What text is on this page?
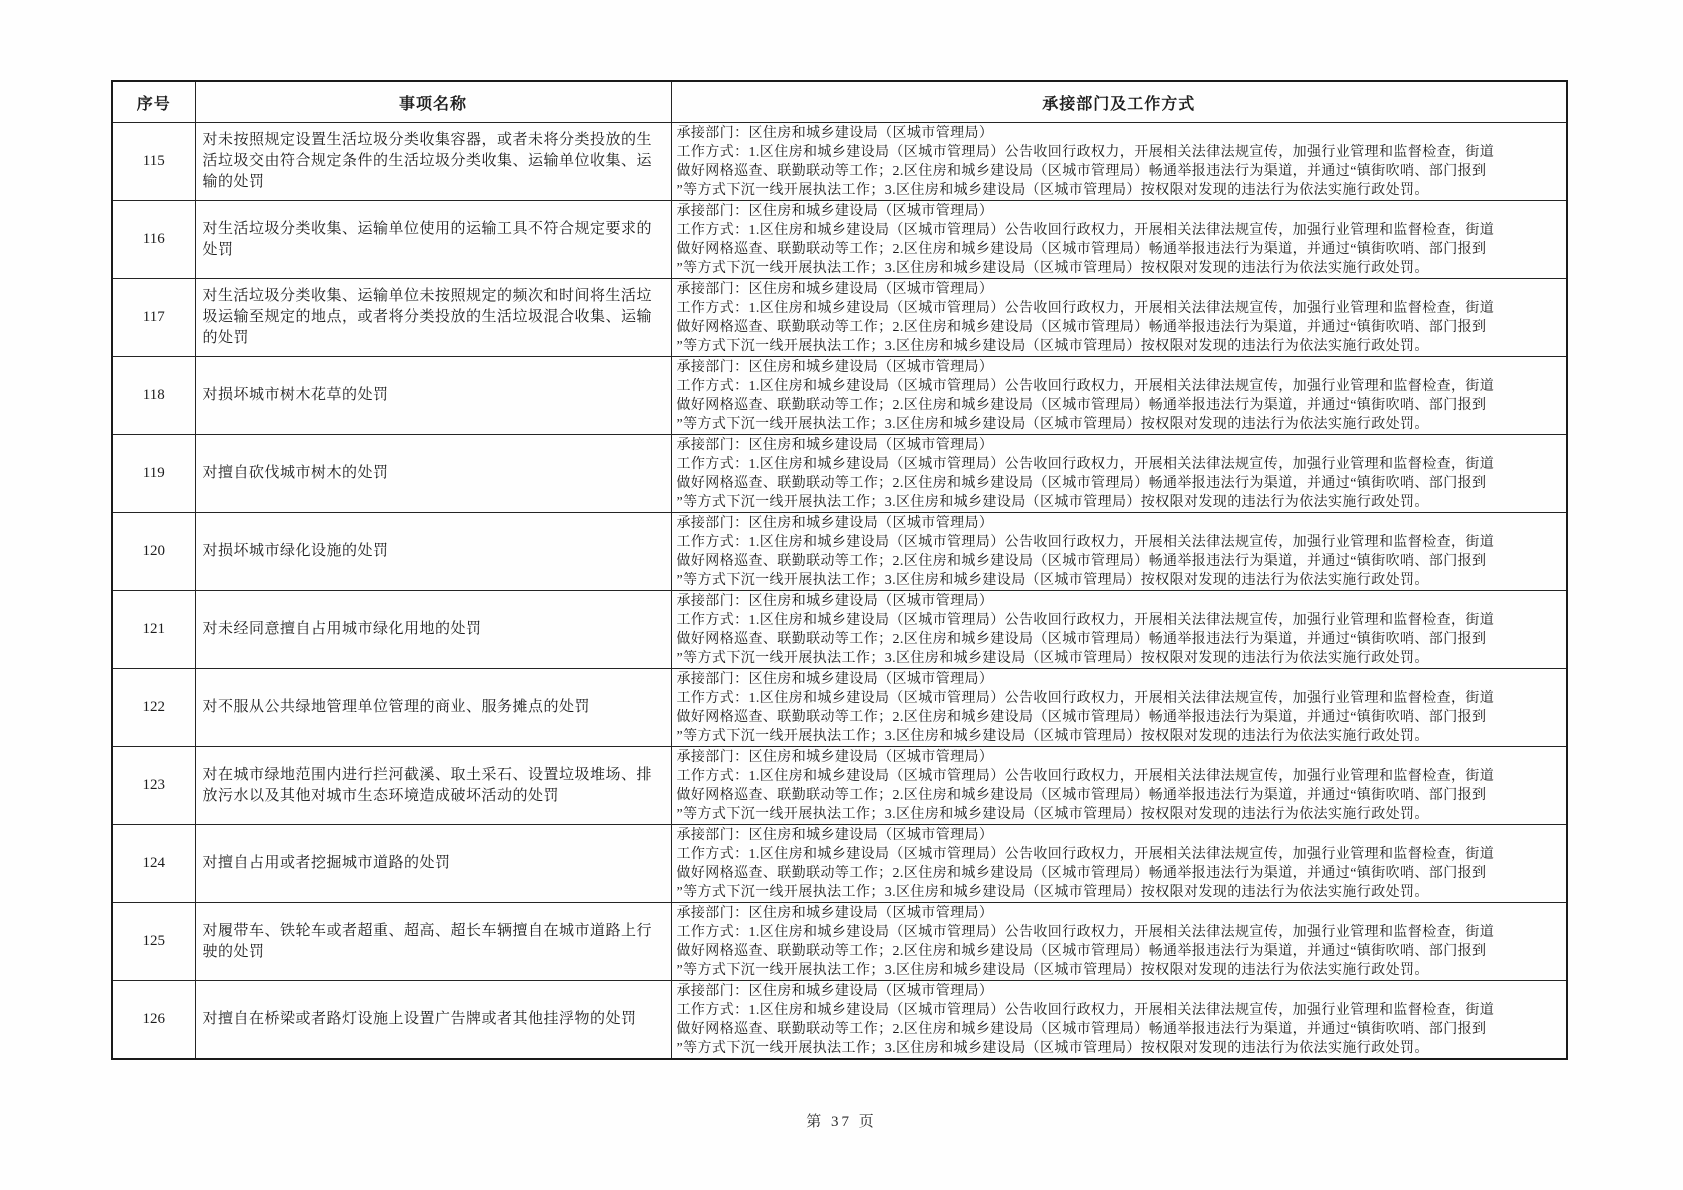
序号	事项名称	承接部门及工作方式
115	对未按照规定设置生活垃圾分类收集容器，或者未将分类投放的生活垃圾交由符合规定条件的生活垃圾分类收集、运输单位收集、运输的处罚	承接部门：区住房和城乡建设局（区城市管理局）
工作方式：1.区住房和城乡建设局（区城市管理局）公告收回行政权力，开展相关法律法规宣传，加强行业管理和监督检查，街道
做好网格巡查、联勤联动等工作；2.区住房和城乡建设局（区城市管理局）畅通举报违法行为渠道，并通过“镇街吹哨、部门报到
”等方式下沉一线开展执法工作；3.区住房和城乡建设局（区城市管理局）按权限对发现的违法行为依法实施行政处罚。

116	对生活垃圾分类收集、运输单位使用的运输工具不符合规定要求的处罚	承接部门：区住房和城乡建设局（区城市管理局）
工作方式：1.区住房和城乡建设局（区城市管理局）公告收回行政权力，开展相关法律法规宣传，加强行业管理和监督检查，街道
做好网格巡查、联勤联动等工作；2.区住房和城乡建设局（区城市管理局）畅通举报违法行为渠道，并通过“镇街吹哨、部门报到
”等方式下沉一线开展执法工作；3.区住房和城乡建设局（区城市管理局）按权限对发现的违法行为依法实施行政处罚。

117	对生活垃圾分类收集、运输单位未按照规定的频次和时间将生活垃圾运输至规定的地点，或者将分类投放的生活垃圾混合收集、运输的处罚	承接部门：区住房和城乡建设局（区城市管理局）
工作方式：1.区住房和城乡建设局（区城市管理局）公告收回行政权力，开展相关法律法规宣传，加强行业管理和监督检查，街道
做好网格巡查、联勤联动等工作；2.区住房和城乡建设局（区城市管理局）畅通举报违法行为渠道，并通过“镇街吹哨、部门报到
”等方式下沉一线开展执法工作；3.区住房和城乡建设局（区城市管理局）按权限对发现的违法行为依法实施行政处罚。

118	对损坏城市树木花草的处罚	承接部门：区住房和城乡建设局（区城市管理局）
工作方式：1.区住房和城乡建设局（区城市管理局）公告收回行政权力，开展相关法律法规宣传，加强行业管理和监督检查，街道
做好网格巡查、联勤联动等工作；2.区住房和城乡建设局（区城市管理局）畅通举报违法行为渠道，并通过“镇街吹哨、部门报到
”等方式下沉一线开展执法工作；3.区住房和城乡建设局（区城市管理局）按权限对发现的违法行为依法实施行政处罚。

119	对擅自砍伐城市树木的处罚	承接部门：区住房和城乡建设局（区城市管理局）
工作方式：1.区住房和城乡建设局（区城市管理局）公告收回行政权力，开展相关法律法规宣传，加强行业管理和监督检查，街道
做好网格巡查、联勤联动等工作；2.区住房和城乡建设局（区城市管理局）畅通举报违法行为渠道，并通过“镇街吹哨、部门报到
”等方式下沉一线开展执法工作；3.区住房和城乡建设局（区城市管理局）按权限对发现的违法行为依法实施行政处罚。

120	对损坏城市绿化设施的处罚	承接部门：区住房和城乡建设局（区城市管理局）
工作方式：1.区住房和城乡建设局（区城市管理局）公告收回行政权力，开展相关法律法规宣传，加强行业管理和监督检查，街道
做好网格巡查、联勤联动等工作；2.区住房和城乡建设局（区城市管理局）畅通举报违法行为渠道，并通过“镇街吹哨、部门报到
”等方式下沉一线开展执法工作；3.区住房和城乡建设局（区城市管理局）按权限对发现的违法行为依法实施行政处罚。

121	对未经同意擅自占用城市绿化用地的处罚	承接部门：区住房和城乡建设局（区城市管理局）
工作方式：1.区住房和城乡建设局（区城市管理局）公告收回行政权力，开展相关法律法规宣传，加强行业管理和监督检查，街道
做好网格巡查、联勤联动等工作；2.区住房和城乡建设局（区城市管理局）畅通举报违法行为渠道，并通过“镇街吹哨、部门报到
”等方式下沉一线开展执法工作；3.区住房和城乡建设局（区城市管理局）按权限对发现的违法行为依法实施行政处罚。

122	对不服从公共绿地管理单位管理的商业、服务摊点的处罚	承接部门：区住房和城乡建设局（区城市管理局）
工作方式：1.区住房和城乡建设局（区城市管理局）公告收回行政权力，开展相关法律法规宣传，加强行业管理和监督检查，街道
做好网格巡查、联勤联动等工作；2.区住房和城乡建设局（区城市管理局）畅通举报违法行为渠道，并通过“镇街吹哨、部门报到
”等方式下沉一线开展执法工作；3.区住房和城乡建设局（区城市管理局）按权限对发现的违法行为依法实施行政处罚。

123	对在城市绿地范围内进行拦河截溪、取土采石、设置垃圾堆场、排放污水以及其他对城市生态环境造成破坏活动的处罚	承接部门：区住房和城乡建设局（区城市管理局）
工作方式：1.区住房和城乡建设局（区城市管理局）公告收回行政权力，开展相关法律法规宣传，加强行业管理和监督检查，街道
做好网格巡查、联勤联动等工作；2.区住房和城乡建设局（区城市管理局）畅通举报违法行为渠道，并通过“镇街吹哨、部门报到
”等方式下沉一线开展执法工作；3.区住房和城乡建设局（区城市管理局）按权限对发现的违法行为依法实施行政处罚。

124	对擅自占用或者挖掘城市道路的处罚	承接部门：区住房和城乡建设局（区城市管理局）
工作方式：1.区住房和城乡建设局（区城市管理局）公告收回行政权力，开展相关法律法规宣传，加强行业管理和监督检查，街道
做好网格巡查、联勤联动等工作；2.区住房和城乡建设局（区城市管理局）畅通举报违法行为渠道，并通过“镇街吹哨、部门报到
”等方式下沉一线开展执法工作；3.区住房和城乡建设局（区城市管理局）按权限对发现的违法行为依法实施行政处罚。

125	对履带车、铁轮车或者超重、超高、超长车辆擅自在城市道路上行驶的处罚	承接部门：区住房和城乡建设局（区城市管理局）
工作方式：1.区住房和城乡建设局（区城市管理局）公告收回行政权力，开展相关法律法规宣传，加强行业管理和监督检查，街道
做好网格巡查、联勤联动等工作；2.区住房和城乡建设局（区城市管理局）畅通举报违法行为渠道，并通过“镇街吹哨、部门报到
”等方式下沉一线开展执法工作；3.区住房和城乡建设局（区城市管理局）按权限对发现的违法行为依法实施行政处罚。

126	对擅自在桥梁或者路灯设施上设置广告牌或者其他挂浮物的处罚	承接部门：区住房和城乡建设局（区城市管理局）
工作方式：1.区住房和城乡建设局（区城市管理局）公告收回行政权力，开展相关法律法规宣传，加强行业管理和监督检查，街道
做好网格巡查、联勤联动等工作；2.区住房和城乡建设局（区城市管理局）畅通举报违法行为渠道，并通过“镇街吹哨、部门报到
”等方式下沉一线开展执法工作；3.区住房和城乡建设局（区城市管理局）按权限对发现的违法行为依法实施行政处罚。
第 37 页
